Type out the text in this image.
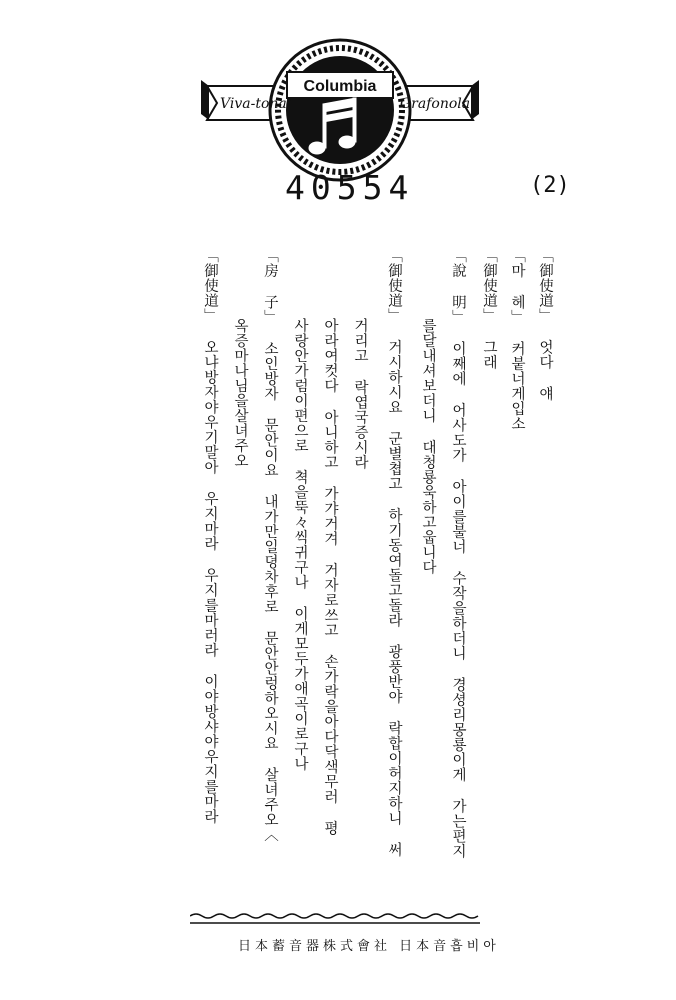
Viva-tonal
Columbia
Grafonola
40554	(2)
「御使道」 엇다 얘
「마 헤」 커붙너게입소
「御使道」 그래
「說 明」 이째에 어사도가 아이를불너 수작을하더니 경셩리몽룡이게 가는편지
를달내셔보더니 대청룡욱하고웁니다
「御使道」 거시하시요 군별쳡고 하기동여돌고돌라 광풍반야 락합이허지하니 써
거리고 락엽국증시라
아라여컷다 아니하고 가갸거겨 거자로쓰고 손가락을아다닥색무러 평
사랑안가럼이편으로 쳑을뚝々씩귀구나 이게모두가애곡이로구나
「房 子」 소인방자 문안이요 내가만일뎡차후로 문안안렁하오시요 살녀주오〈
옥증마나님을살녀주오
「御使道」 오냐방자야우기말아 우지마라 우지를마러라 이야방샤야우지를마라
日本蓄音器株式會社 日本音흡비아
